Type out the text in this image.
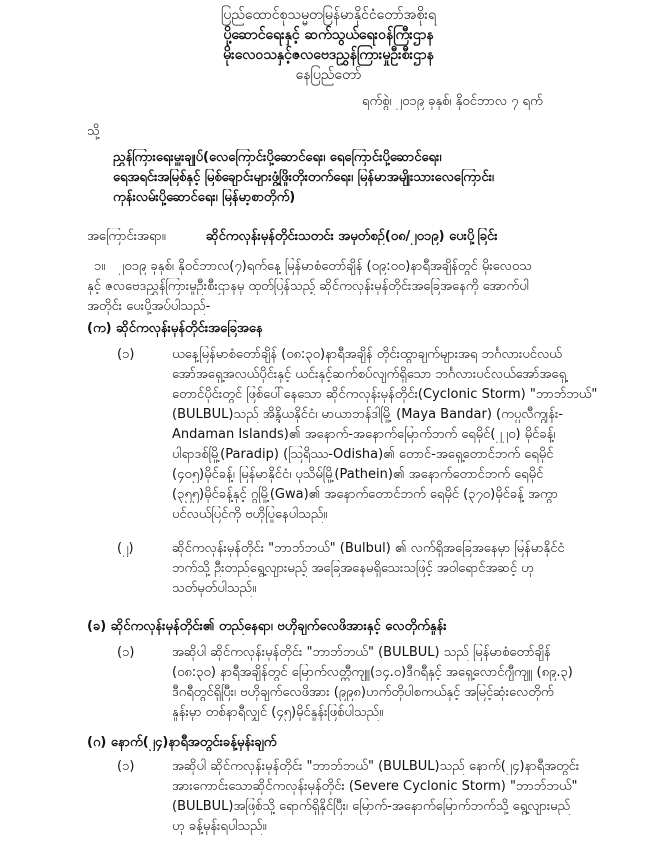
ပြည်ထောင်စုသမ္မတမြန်မာနိုင်ငံတော်အစိုးရ
ပို့ဆောင်ရေးနှင့် ဆက်သွယ်ရေးဝန်ကြီးဌာန
မိုးလေဝသနှင့်ဇလဗေဒညွှန်ကြားမှုဦးစီးဌာန
နေပြည်တော်
ရက်စွဲ၊ ၂၀၁၉ ခုနှစ်၊ နိုဝင်ဘာလ ၇ ရက်
သို့
ညွှန်ကြားရေးမှူးချုပ်(လေကြောင်းပို့ဆောင်ရေး၊ ရေကြောင်းပို့ဆောင်ရေး၊
ရေအရင်းအမြစ်နှင့် မြစ်ချောင်းများဖွံ့ဖြိုးတိုးတက်ရေး၊ မြန်မာအမျိုးသားလေကြောင်း၊
ကုန်းလမ်းပို့ဆောင်ရေး၊ မြန်မာ့စာတိုက်)
အကြောင်းအရာ။	ဆိုင်ကလုန်းမုန်တိုင်းသတင်း အမှတ်စဉ်(၀၈/၂၀၁၉) ပေးပို့ခြင်း
၁။ ၂၀၁၉ ခုနှစ်၊ နိုဝင်ဘာလ(၇)ရက်နေ့ မြန်မာစံတော်ချိန် (၀၉:၀၀)နာရီအချိန်တွင် မိုးလေဝသ
နှင့် ဇလဗေဒညွှန်ကြားမှုဦးစီးဌာနမှ ထုတ်ပြန်သည့် ဆိုင်ကလုန်းမုန်တိုင်းအခြေအနေကို အောက်ပါ
အတိုင်း ပေးပို့အပ်ပါသည်-
(က) ဆိုင်ကလုန်းမုန်တိုင်းအခြေအနေ
(၁)	ယနေ့မြန်မာစံတော်ချိန် (၀၈:၃၀)နာရီအချိန် တိုင်းထွာချက်များအရ ဘင်္ဂလားပင်လယ်
အော်အရှေ့အလယ်ပိုင်းနှင့် ယင်းနှင့်ဆက်စပ်လျက်ရှိသော ဘင်္ဂလားပင်လယ်အော်အရှေ့
တောင်ပိုင်းတွင် ဖြစ်ပေါ်နေသော ဆိုင်ကလုန်းမုန်တိုင်း(Cyclonic Storm) "ဘာဘ်ဘယ်"
(BULBUL)သည် အိန္ဒိယနိုင်ငံ၊ မာယာဘန်ဒါမြို့ (Maya Bandar) (ကပ္ပလီကျွန်း-
Andaman Islands)၏ အနောက်-အနောက်မြောက်ဘက် ရေမိုင်(၂၂၀) မိုင်ခန့်၊
ပါရာဒစ်မြို့(Paradip) (ဩရိဿ-Odisha)၏ တောင်-အရှေ့တောင်ဘက် ရေမိုင်
(၄၀၅)မိုင်ခန့်၊ မြန်မာနိုင်ငံ၊ ပုသိမ်မြို့(Pathein)၏ အနောက်တောင်ဘက် ရေမိုင်
(၃၅၅)မိုင်ခန့်နှင့် ဂွမြို့(Gwa)၏ အနောက်တောင်ဘက် ရေမိုင် (၃၇၀)မိုင်ခန့် အကွာ
ပင်လယ်ပြင်ကို ဗဟိုပြုနေပါသည်။
(၂)	ဆိုင်ကလုန်းမုန်တိုင်း "ဘာဘ်ဘယ်" (Bulbul) ၏ လက်ရှိအခြေအနေမှာ မြန်မာနိုင်ငံ
ဘက်သို့ ဦးတည်ရွေ့လျားမည့် အခြေအနေမရှိသေးသဖြင့် အဝါရောင်အဆင့် ဟု
သတ်မှတ်ပါသည်။
(ခ) ဆိုင်ကလုန်းမုန်တိုင်း၏ တည်နေရာ၊ ဗဟိုချက်လေဖိအားနှင့် လေတိုက်နှုန်း
(၁)	အဆိုပါ ဆိုင်ကလုန်းမုန်တိုင်း "ဘာဘ်ဘယ်" (BULBUL) သည် မြန်မာစံတော်ချိန်
(၀၈:၃၀) နာရီအချိန်တွင် မြောက်လတ္တီကျူ(၁၄.၀)ဒီဂရီနှင့် အရှေ့လောင်ဂျီကျူ (၈၉.၃)
ဒီဂရီတွင်ရှိပြီး၊ ဗဟိုချက်လေဖိအား (၉၉၈)ဟက်တိုပါစကယ်နှင့် အမြင့်ဆုံးလေတိုက်
နှုန်းမှာ တစ်နာရီလျှင် (၄၅)မိုင်နှုန်းဖြစ်ပါသည်။
(ဂ) နောက်(၂၄)နာရီအတွင်းခန့်မှန်းချက်
(၁)	အဆိုပါ ဆိုင်ကလုန်းမုန်တိုင်း "ဘာဘ်ဘယ်" (BULBUL)သည် နောက်(၂၄)နာရီအတွင်း
အားကောင်းသောဆိုင်ကလုန်းမုန်တိုင်း (Severe Cyclonic Storm) "ဘာဘ်ဘယ်"
(BULBUL)အဖြစ်သို့ ရောက်ရှိနိုင်ပြီး၊ မြောက်-အနောက်မြောက်ဘက်သို့ ရွေ့လျားမည်
ဟု ခန့်မှန်းရပါသည်။
